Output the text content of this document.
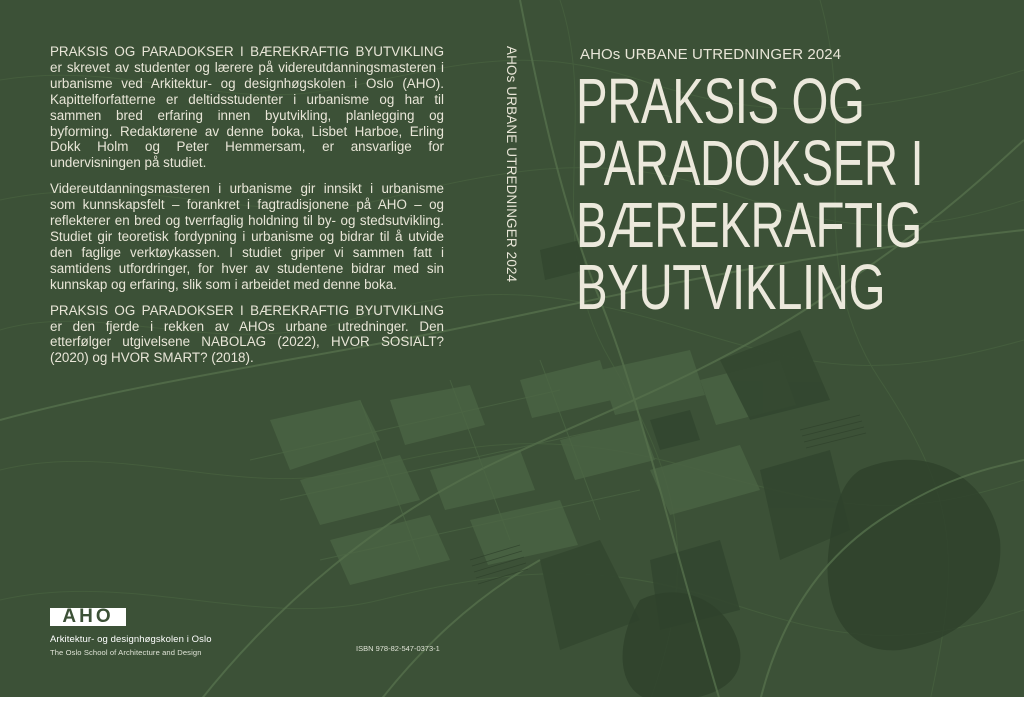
PRAKSIS OG PARADOKSER I BÆREKRAFTIG BYUTVIKLING er skrevet av studenter og lærere på videreutdanningsmasteren i urbanisme ved Arkitektur- og designhøgskolen i Oslo (AHO). Kapittelforfatterne er deltidsstudenter i urbanisme og har til sammen bred erfaring innen byutvikling, planlegging og byforming. Redaktørene av denne boka, Lisbet Harboe, Erling Dokk Holm og Peter Hemmersam, er ansvarlige for undervisningen på studiet.

Videreutdanningsmasteren i urbanisme gir innsikt i urbanisme som kunnskapsfelt – forankret i fagtradisjonene på AHO – og reflekterer en bred og tverrfaglig holdning til by- og stedsutvikling. Studiet gir teoretisk fordypning i urbanisme og bidrar til å utvide den faglige verktøykassen. I studiet griper vi sammen fatt i samtidens utfordringer, for hver av studentene bidrar med sin kunnskap og erfaring, slik som i arbeidet med denne boka.

PRAKSIS OG PARADOKSER I BÆREKRAFTIG BYUTVIKLING er den fjerde i rekken av AHOs urbane utredninger. Den etterfølger utgivelsene NABOLAG (2022), HVOR SOSIALT? (2020) og HVOR SMART? (2018).

AHOs URBANE UTREDNINGER 2024	AHOs URBANE UTREDNINGER 2024
PRAKSIS OG
PARADOKSER I
BÆREKRAFTIG
BYUTVIKLING
AHO
Arkitektur- og designhøgskolen i Oslo
The Oslo School of Architecture and Design	ISBN 978-82-547-0373-1
